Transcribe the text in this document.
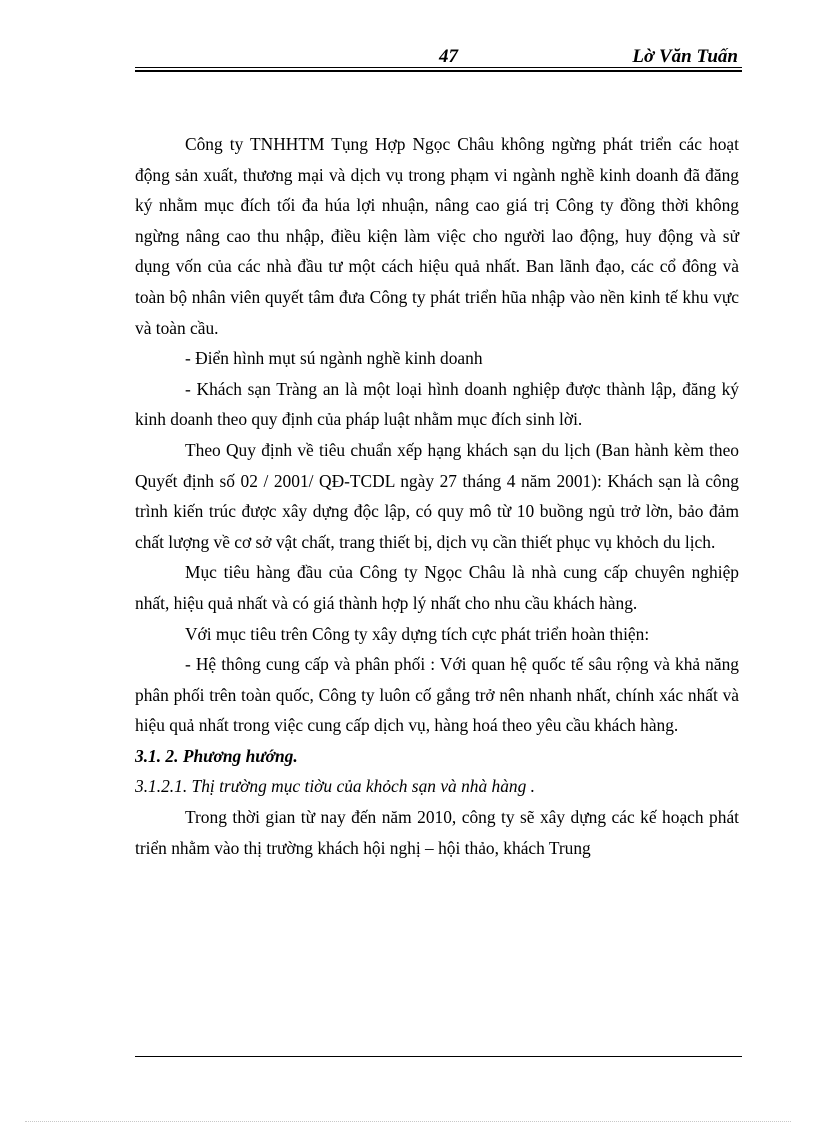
47	Lờ Văn Tuấn

Công ty TNHHTM Tụng Hợp Ngọc Châu không ngừng phát triển các hoạt động sản xuất, thương mại và dịch vụ trong phạm vi ngành nghề kinh doanh đã đăng ký nhằm mục đích tối đa húa lợi nhuận, nâng cao giá trị Công ty đồng thời không ngừng nâng cao thu nhập, điều kiện làm việc cho người lao động, huy động và sử dụng vốn của các nhà đầu tư một cách hiệu quả nhất. Ban lãnh đạo, các cổ đông và toàn bộ nhân viên quyết tâm đưa Công ty phát triển hũa nhập vào nền kinh tế khu vực và toàn cầu.

- Điển hình mụt sú ngành nghề kinh doanh

- Khách sạn Tràng an là một loại hình doanh nghiệp được thành lập, đăng ký kinh doanh theo quy định của pháp luật nhằm mục đích sinh lời.

Theo Quy định về tiêu chuẩn xếp hạng khách sạn du lịch (Ban hành kèm theo Quyết định số 02 / 2001/ QĐ-TCDL ngày 27 tháng 4 năm 2001): Khách sạn là công trình kiến trúc được xây dựng độc lập, có quy mô từ 10 buồng ngủ trở lờn, bảo đảm chất lượng về cơ sở vật chất, trang thiết bị, dịch vụ cần thiết phục vụ khỏch du lịch.

Mục tiêu hàng đầu của Công ty Ngọc Châu là nhà cung cấp chuyên nghiệp nhất, hiệu quả nhất và có giá thành hợp lý nhất cho nhu cầu khách hàng.

Với mục tiêu trên Công ty xây dựng tích cực phát triển hoàn thiện:

- Hệ thông cung cấp và phân phối : Với quan hệ quốc tế sâu rộng và khả năng phân phối trên toàn quốc, Công ty luôn cố gắng trở nên nhanh nhất, chính xác nhất và hiệu quả nhất trong việc cung cấp dịch vụ, hàng hoá theo yêu cầu khách hàng.

3.1. 2. Phương hướng.

3.1.2.1. Thị trường mục tiờu của khỏch sạn và nhà hàng .

Trong thời gian từ nay đến năm 2010, công ty sẽ xây dựng các kế hoạch phát triển nhằm vào thị trường khách hội nghị – hội thảo, khách Trung
